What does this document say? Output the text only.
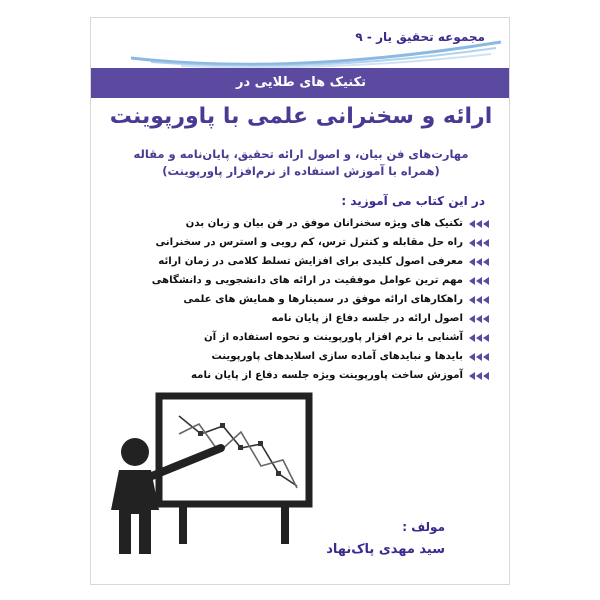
مجموعه تحقیق یار - ۹
تکنیک های طلایی در
ارائه و سخنرانی علمی با پاورپوینت
مهارت‌های فن بیان، و اصول ارائه تحقیق، پایان‌نامه و مقاله
(همراه با آموزش استفاده از نرم‌افزار پاورپوینت)
در این کتاب می آموزید :
تکنیک های ویژه سخنرانان موفق در فن بیان و زبان بدن
راه حل مقابله و کنترل ترس، کم رویی و استرس در سخنرانی
معرفی اصول کلیدی برای افزایش تسلط کلامی در زمان ارائه
مهم ترین عوامل موفقیت در ارائه های دانشجویی و دانشگاهی
راهکارهای ارائه موفق در سمینارها و همایش های علمی
اصول ارائه در جلسه دفاع از پایان نامه
آشنایی با نرم افزار پاورپوینت و نحوه استفاده از آن
بایدها و نبایدهای آماده سازی اسلایدهای پاورپوینت
آموزش ساخت پاورپوینت ویژه جلسه دفاع از پایان نامه
مولف :
سید مهدی پاک‌نهاد
